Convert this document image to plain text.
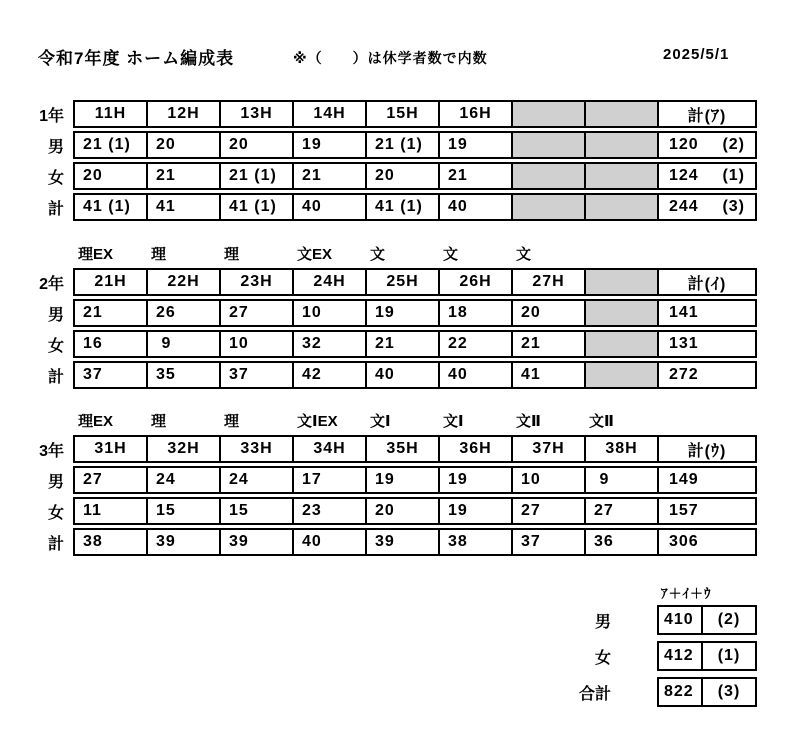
令和7年度 ホーム編成表	※（　　）は休学者数で内数	2025/5/1
1年	11H	12H	13H	14H	15H	16H	計(ｱ)
男	21 (1)	20	20	19	21 (1)	19	120 (2)
女	20	21	21 (1)	21	20	21	124 (1)
計	41 (1)	41	41 (1)	40	41 (1)	40	244 (3)
理EX	理	理	文EX	文	文	文
2年	21H	22H	23H	24H	25H	26H	27H	計(ｲ)
男	21	26	27	10	19	18	20	141
女	16	9	10	32	21	22	21	131
計	37	35	37	42	40	40	41	272
理EX	理	理	文ⅠEX	文Ⅰ	文Ⅰ	文Ⅱ	文Ⅱ
3年	31H	32H	33H	34H	35H	36H	37H	38H	計(ｳ)
男	27	24	24	17	19	19	10	9	149
女	11	15	15	23	20	19	27	27	157
計	38	39	39	40	39	38	37	36	306
ｱ＋ｲ＋ｳ
男	410	(2)
女	412	(1)
合計	822	(3)
